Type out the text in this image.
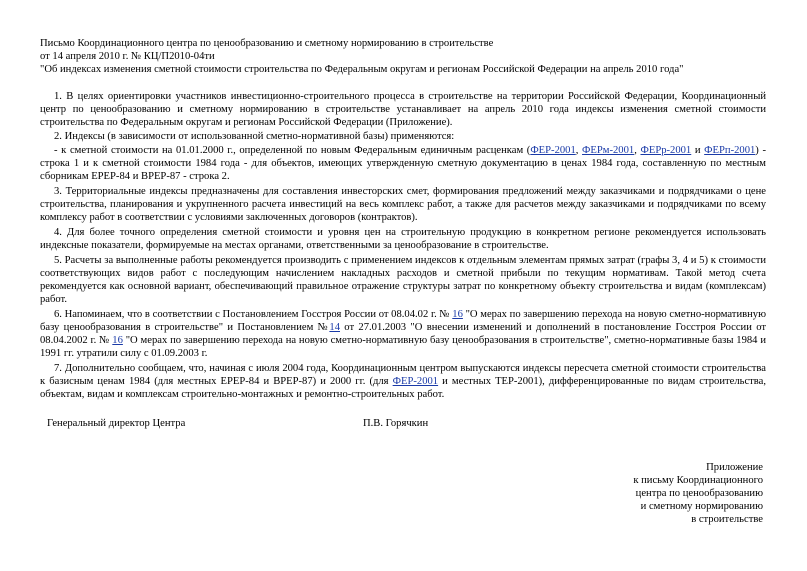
Письмо Координационного центра по ценообразованию и сметному нормированию в строительстве
от 14 апреля 2010 г. № КЦ/П2010-04ти
"Об индексах изменения сметной стоимости строительства по Федеральным округам и регионам Российской Федерации на апрель 2010 года"

1. В целях ориентировки участников инвестиционно-строительного процесса в строительстве на территории Российской Федерации, Координационный центр по ценообразованию и сметному нормированию в строительстве устанавливает на апрель 2010 года индексы изменения сметной стоимости строительства по Федеральным округам и регионам Российской Федерации (Приложение).

2. Индексы (в зависимости от использованной сметно-нормативной базы) применяются:

- к сметной стоимости на 01.01.2000 г., определенной по новым Федеральным единичным расценкам (ФЕР-2001, ФЕРм-2001, ФЕРр-2001 и ФЕРп-2001) - строка 1 и к сметной стоимости 1984 года - для объектов, имеющих утвержденную сметную документацию в ценах 1984 года, составленную по местным сборникам ЕРЕР-84 и ВРЕР-87 - строка 2.

3. Территориальные индексы предназначены для составления инвесторских смет, формирования предложений между заказчиками и подрядчиками о цене строительства, планирования и укрупненного расчета инвестиций на весь комплекс работ, а также для расчетов между заказчиками и подрядчиками по всему комплексу работ в соответствии с условиями заключенных договоров (контрактов).

4. Для более точного определения сметной стоимости и уровня цен на строительную продукцию в конкретном регионе рекомендуется использовать индексные показатели, формируемые на местах органами, ответственными за ценообразование в строительстве.

5. Расчеты за выполненные работы рекомендуется производить с применением индексов к отдельным элементам прямых затрат (графы 3, 4 и 5) к стоимости соответствующих видов работ с последующим начислением накладных расходов и сметной прибыли по текущим нормативам. Такой метод счета рекомендуется как основной вариант, обеспечивающий правильное отражение структуры затрат по конкретному объекту строительства и видам (комплексам) работ.

6. Напоминаем, что в соответствии с Постановлением Госстроя России от 08.04.02 г. № 16 "О мерах по завершению перехода на новую сметно-нормативную базу ценообразования в строительстве" и Постановлением №14 от 27.01.2003 "О внесении изменений и дополнений в постановление Госстроя России от 08.04.2002 г. № 16 "О мерах по завершению перехода на новую сметно-нормативную базу ценообразования в строительстве", сметно-нормативные базы 1984 и 1991 гг. утратили силу с 01.09.2003 г.

7. Дополнительно сообщаем, что, начиная с июля 2004 года, Координационным центром выпускаются индексы пересчета сметной стоимости строительства к базисным ценам 1984 (для местных ЕРЕР-84 и ВРЕР-87) и 2000 гг. (для ФЕР-2001 и местных ТЕР-2001), дифференцированные по видам строительства, объектам, видам и комплексам строительно-монтажных и ремонтно-строительных работ.

Генеральный директор Центра	П.В. Горячкин
Приложение
к письму Координационного
центра по ценообразованию
и сметному нормированию
в строительстве
